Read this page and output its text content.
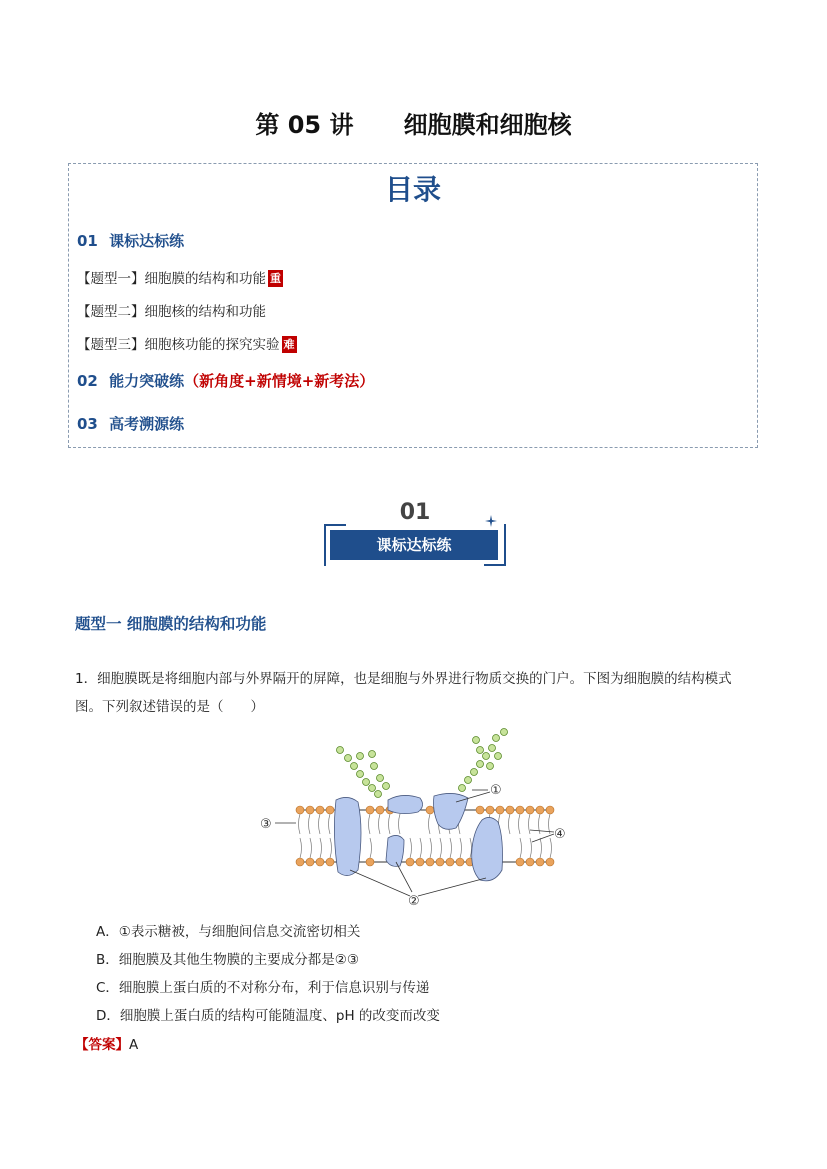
第 05 讲      细胞膜和细胞核
目录
01 课标达标练
【题型一】细胞膜的结构和功能 重
【题型二】细胞核的结构和功能
【题型三】细胞核功能的探究实验 难
02 能力突破练（新角度+新情境+新考法）
03 高考溯源练
01
课标达标练
题型一 细胞膜的结构和功能
1．细胞膜既是将细胞内部与外界隔开的屏障，也是细胞与外界进行物质交换的门户。下图为细胞膜的结构模式图。下列叙述错误的是（　　）
①
③
④
②
A．①表示糖被，与细胞间信息交流密切相关
B．细胞膜及其他生物膜的主要成分都是②③
C．细胞膜上蛋白质的不对称分布，利于信息识别与传递
D．细胞膜上蛋白质的结构可能随温度、pH 的改变而改变
【答案】A
